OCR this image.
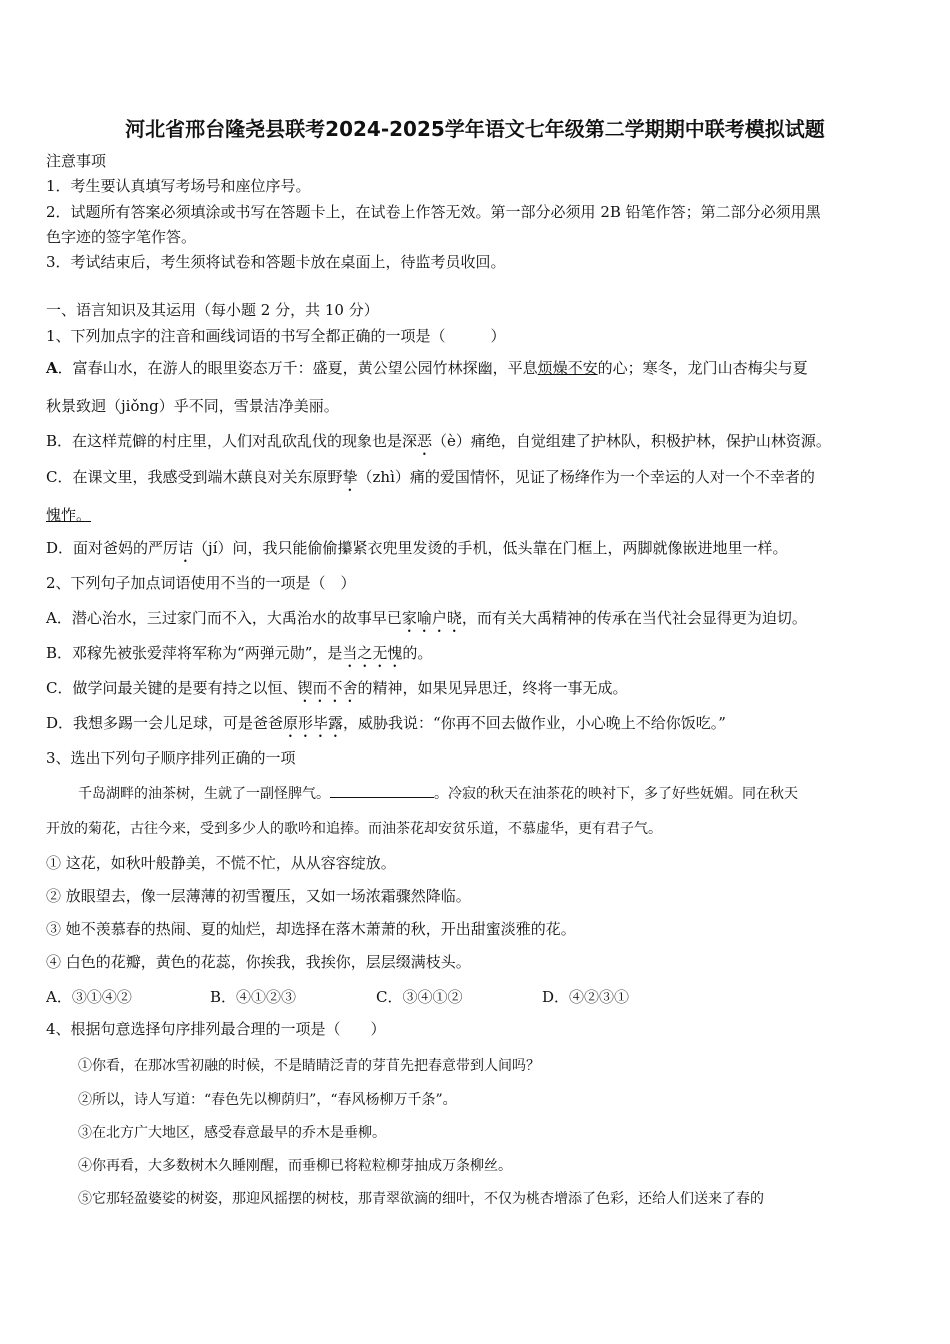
河北省邢台隆尧县联考2024-2025学年语文七年级第二学期期中联考模拟试题
注意事项
1．考生要认真填写考场号和座位序号。
2．试题所有答案必须填涂或书写在答题卡上，在试卷上作答无效。第一部分必须用 2B 铅笔作答；第二部分必须用黑
色字迹的签字笔作答。
3．考试结束后，考生须将试卷和答题卡放在桌面上，待监考员收回。
一、语言知识及其运用（每小题 2 分，共 10 分）
1、下列加点字的注音和画线词语的书写全都正确的一项是（　　　）
A．富春山水，在游人的眼里姿态万千：盛夏，黄公望公园竹林探幽，平息烦燥不安的心；寒冬，龙门山杏梅尖与夏
秋景致迥（jiǒng）乎不同，雪景洁净美丽。
B．在这样荒僻的村庄里，人们对乱砍乱伐的现象也是深恶（è）痛绝，自觉组建了护林队，积极护林，保护山林资源。
C．在课文里，我感受到端木蕻良对关东原野挚（zhì）痛的爱国情怀，见证了杨绛作为一个幸运的人对一个不幸者的
愧怍。
D．面对爸妈的严厉诘（jí）问，我只能偷偷攥紧衣兜里发烫的手机，低头靠在门框上，两脚就像嵌进地里一样。
2、下列句子加点词语使用不当的一项是（　）
A．潜心治水，三过家门而不入，大禹治水的故事早已家喻户晓，而有关大禹精神的传承在当代社会显得更为迫切。
B．邓稼先被张爱萍将军称为“两弹元勋”，是当之无愧的。
C．做学问最关键的是要有持之以恒、锲而不舍的精神，如果见异思迁，终将一事无成。
D．我想多踢一会儿足球，可是爸爸原形毕露，威胁我说：“你再不回去做作业，小心晚上不给你饭吃。”
3、选出下列句子顺序排列正确的一项
千岛湖畔的油茶树，生就了一副怪脾气。	。冷寂的秋天在油茶花的映衬下，多了好些妩媚。同在秋天
开放的菊花，古往今来，受到多少人的歌吟和追捧。而油茶花却安贫乐道，不慕虚华，更有君子气。
① 这花，如秋叶般静美，不慌不忙，从从容容绽放。
② 放眼望去，像一层薄薄的初雪覆压，又如一场浓霜骤然降临。
③ 她不羡慕春的热闹、夏的灿烂，却选择在落木萧萧的秋，开出甜蜜淡雅的花。
④ 白色的花瓣，黄色的花蕊，你挨我，我挨你，层层缀满枝头。
A．③①④②	B．④①②③	C．③④①②	D．④②③①
4、根据句意选择句序排列最合理的一项是（　　）
①你看，在那冰雪初融的时候，不是睛睛泛青的芽苜先把春意带到人间吗？
②所以，诗人写道：“春色先以柳荫归”，“春风杨柳万千条”。
③在北方广大地区，感受春意最早的乔木是垂柳。
④你再看，大多数树木久睡刚醒，而垂柳已将粒粒柳芽抽成万条柳丝。
⑤它那轻盈婆娑的树姿，那迎风摇摆的树枝，那青翠欲滴的细叶，不仅为桃杏增添了色彩，还给人们送来了春的
